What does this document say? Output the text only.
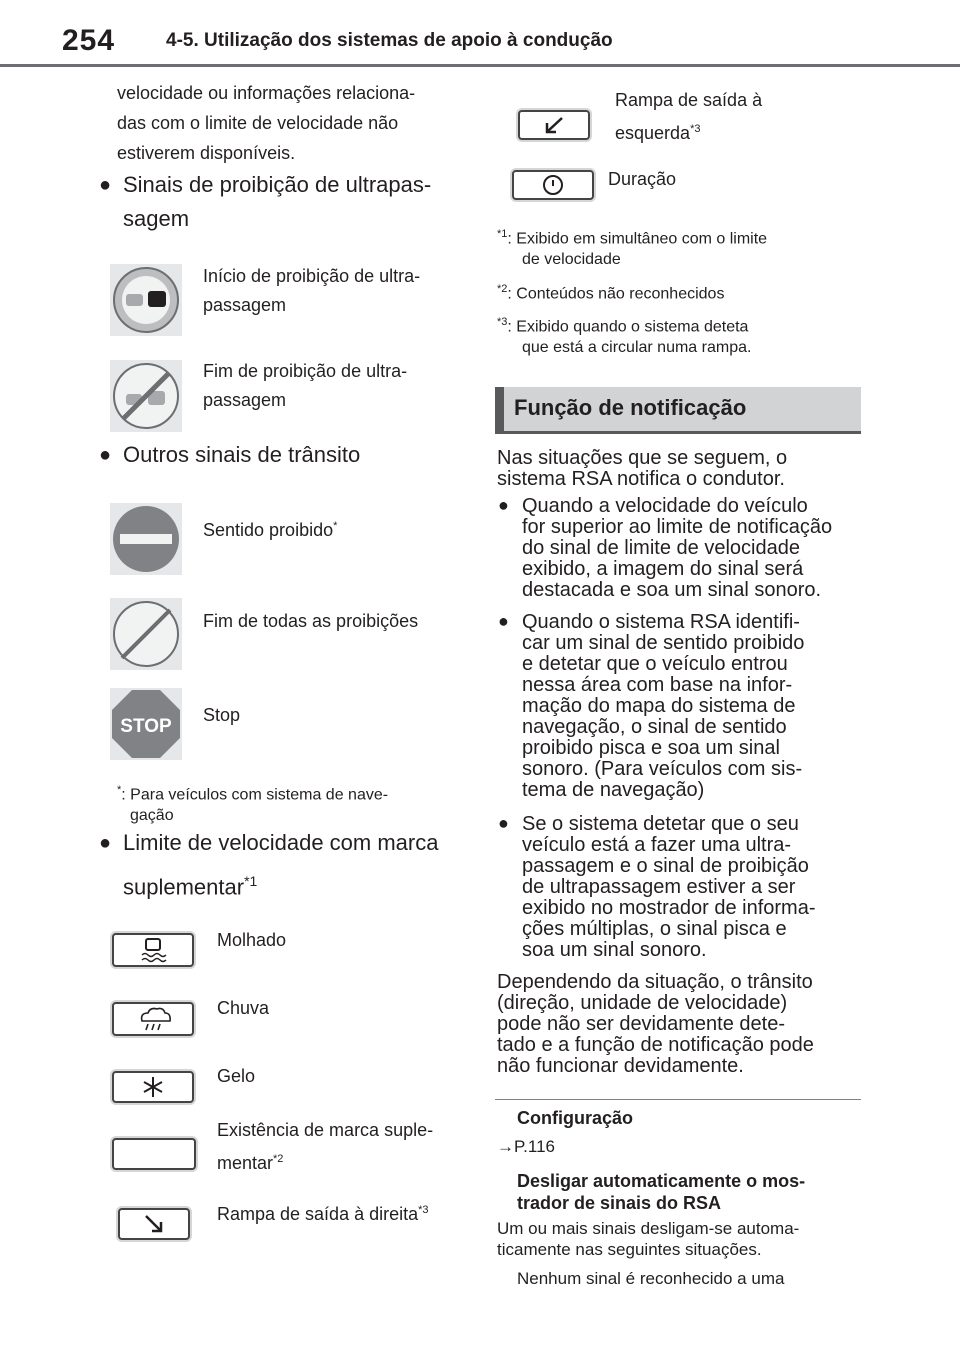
254	4-5. Utilização dos sistemas de apoio à condução
velocidade ou informações relaciona-
das com o limite de velocidade não
estiverem disponíveis.
● Sinais de proibição de ultrapas-
sagem
Início de proibição de ultra-
passagem
Fim de proibição de ultra-
passagem
● Outros sinais de trânsito
Sentido proibido*
Fim de todas as proibições
STOP
Stop
*: Para veículos com sistema de nave-
gação
● Limite de velocidade com marca
suplementar$^{*1}$
Molhado
Chuva
Gelo
Existência de marca suple-
mentar$^{*2}$
Rampa de saída à direita$^{*3}$
Rampa de saída à
esquerda$^{*3}$
Duração
$^{*1}$: Exibido em simultâneo com o limite
de velocidade
$^{*2}$: Conteúdos não reconhecidos
$^{*3}$: Exibido quando o sistema deteta
que está a circular numa rampa.
Função de notificação
Nas situações que se seguem, o
sistema RSA notifica o condutor.
● Quando a velocidade do veículo
for superior ao limite de notificação
do sinal de limite de velocidade
exibido, a imagem do sinal será
destacada e soa um sinal sonoro.
● Quando o sistema RSA identifi-
car um sinal de sentido proibido
e detetar que o veículo entrou
nessa área com base na infor-
mação do mapa do sistema de
navegação, o sinal de sentido
proibido pisca e soa um sinal
sonoro. (Para veículos com sis-
tema de navegação)
● Se o sistema detetar que o seu
veículo está a fazer uma ultra-
passagem e o sinal de proibição
de ultrapassagem estiver a ser
exibido no mostrador de informa-
ções múltiplas, o sinal pisca e
soa um sinal sonoro.
Dependendo da situação, o trânsito
(direção, unidade de velocidade)
pode não ser devidamente dete-
tado e a função de notificação pode
não funcionar devidamente.
Configuração
→P.116
Desligar automaticamente o mos-
trador de sinais do RSA
Um ou mais sinais desligam-se automa-
ticamente nas seguintes situações.
Nenhum sinal é reconhecido a uma
